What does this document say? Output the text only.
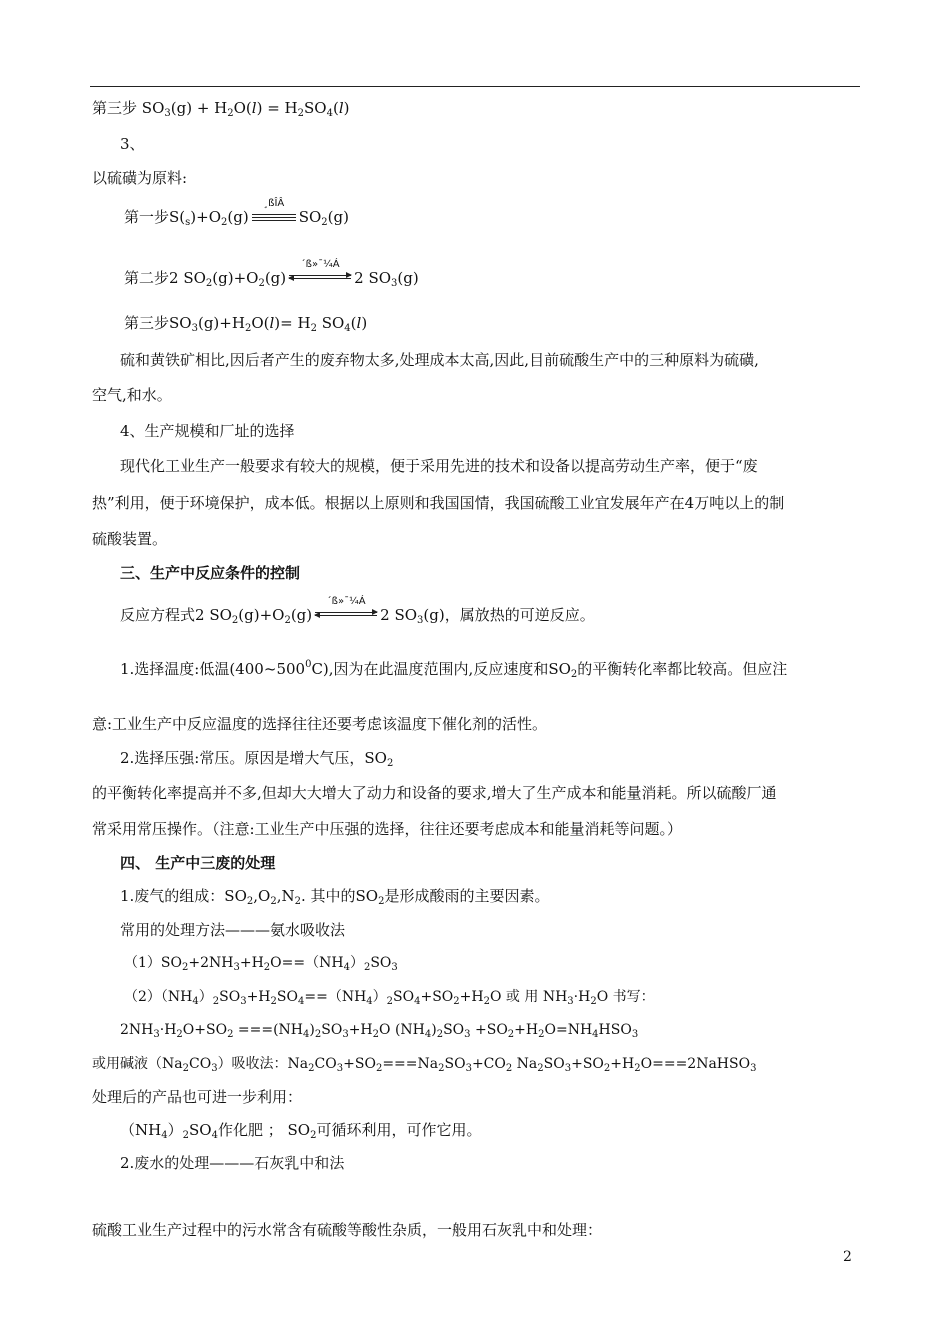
第三步 $SO_3(g) + H_2O(l) = H_2SO_4(l)$
3、
以硫磺为原料:
第一步$S(_s)+O_2(g)$
¸ßÎÂ
$SO_2(g)$
第二步2 $SO_2(g)+O_2(g)$
´ß»¯¼Á
2 $SO_3(g)$
第三步$SO_3(g)+H_2O(l)= H_2$ $SO_4(l)$
硫和黄铁矿相比,因后者产生的废弃物太多,处理成本太高,因此,目前硫酸生产中的三种原料为硫磺,
空气,和水。
4、生产规模和厂址的选择
现代化工业生产一般要求有较大的规模，便于采用先进的技术和设备以提高劳动生产率，便于“废
热”利用，便于环境保护，成本低。根据以上原则和我国国情，我国硫酸工业宜发展年产在4万吨以上的制
硫酸装置。
三、生产中反应条件的控制
反应方程式2 $SO_2(g)+O_2(g)$
´ß»¯¼Á
2 $SO_3(g)$，属放热的可逆反应。
1.选择温度:低温$(400\sim 500^0C)$,因为在此温度范围内,反应速度和$SO_2$的平衡转化率都比较高。但应注
意:工业生产中反应温度的选择往往还要考虑该温度下催化剂的活性。
2.选择压强:常压。原因是增大气压，$SO_2$
的平衡转化率提高并不多,但却大大增大了动力和设备的要求,增大了生产成本和能量消耗。所以硫酸厂通
常采用常压操作。（注意:工业生产中压强的选择，往往还要考虑成本和能量消耗等问题。）
四、 生产中三废的处理
1.废气的组成：$SO_2,O_2,N_2$. 其中的$SO_2$是形成酸雨的主要因素。
常用的处理方法———氨水吸收法
$(1)SO_2+2NH_3+H_2O==(NH_4)_2SO_3$
$(2)(NH_4)_2SO_3+H_2SO_4==(NH_4)_2SO_4+SO_2+H_2O$ 或 用 $NH_3\cdot H_2O$ 书写：
$2NH_3\cdot H_2O+SO_2 ===(NH_4)_2SO_3+H_2O$ $(NH_4)_2SO_3 +SO_2+H_2O=NH_4HSO_3$
或用碱液$(Na_2CO_3)$吸收法：$Na_2CO_3+SO_2===Na_2SO_3+CO_2$ $Na_2SO_3+SO_2+H_2O===2NaHSO_3$
处理后的产品也可进一步利用：
$(NH_4)_2SO_4$作化肥 ； $SO_2$可循环利用，可作它用。
2.废水的处理———石灰乳中和法
硫酸工业生产过程中的污水常含有硫酸等酸性杂质，一般用石灰乳中和处理：
2
